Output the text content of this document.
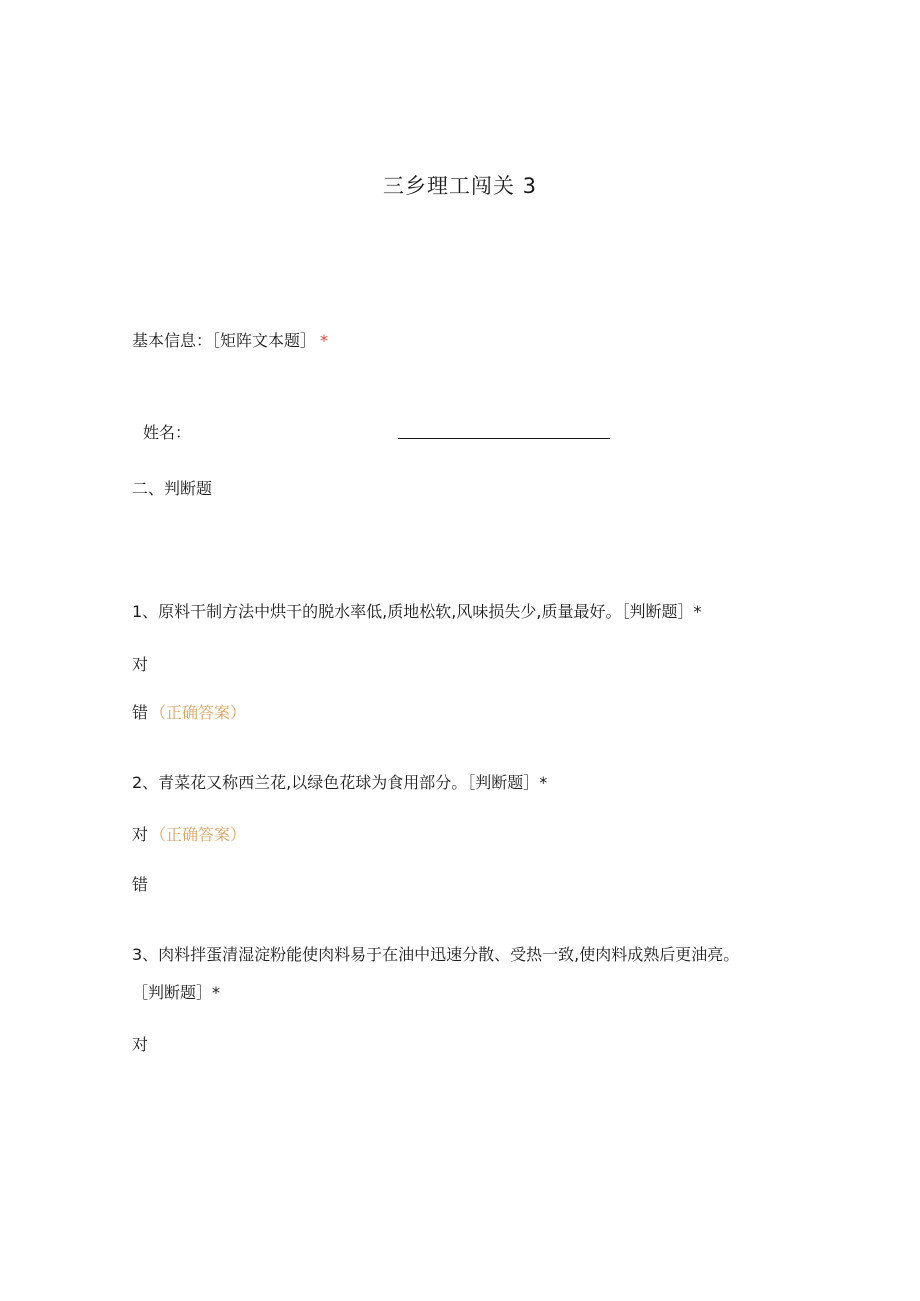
三乡理工闯关 3
基本信息：［矩阵文本题］ *
姓名：
二、判断题
1、原料干制方法中烘干的脱水率低,质地松软,风味损失少,质量最好。［判断题］*
对
错 （正确答案）
2、青菜花又称西兰花,以绿色花球为食用部分。［判断题］*
对 （正确答案）
错
3、肉料拌蛋清湿淀粉能使肉料易于在油中迅速分散、受热一致,使肉料成熟后更油亮。
［判断题］*
对
